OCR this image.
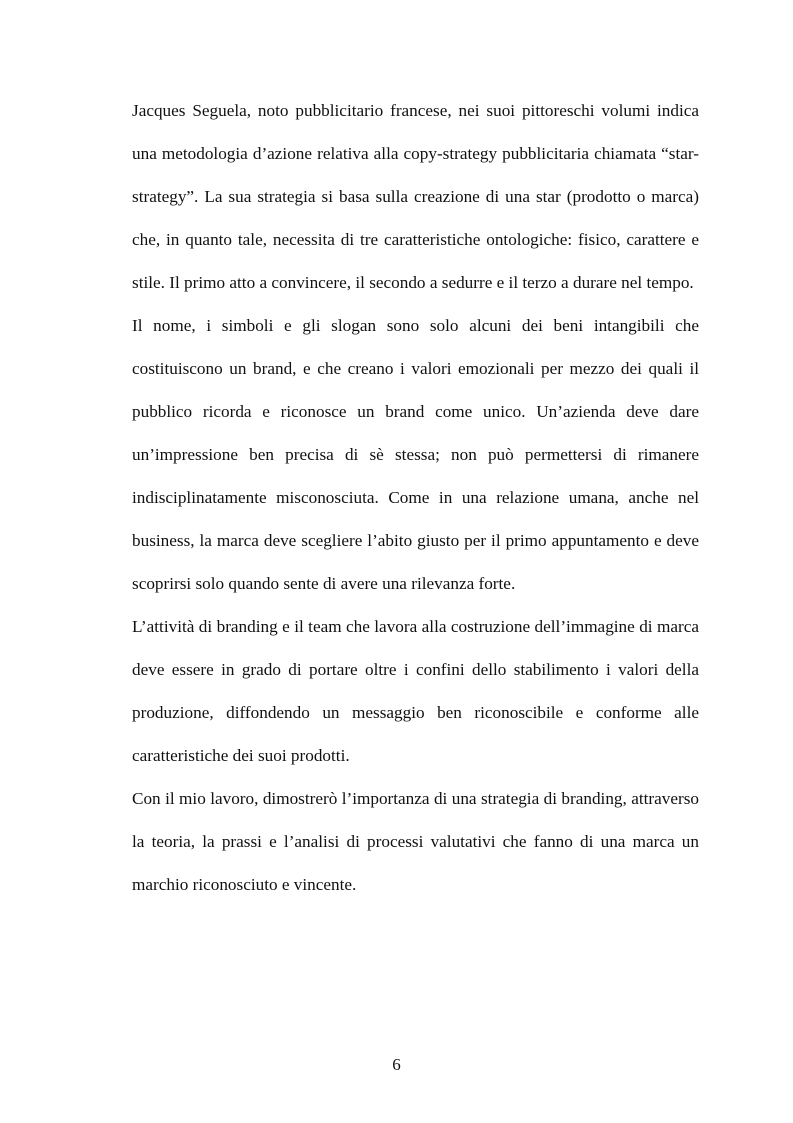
Jacques Seguela, noto pubblicitario francese, nei suoi pittoreschi volumi indica una metodologia d’azione relativa alla copy-strategy pubblicitaria chiamata “star-strategy”. La sua strategia si basa sulla creazione di una star (prodotto o marca) che, in quanto tale, necessita di tre caratteristiche ontologiche: fisico, carattere e stile. Il primo atto a convincere, il secondo a sedurre e il terzo a durare nel tempo.

Il nome, i simboli e gli slogan sono solo alcuni dei beni intangibili che costituiscono un brand, e che creano i valori emozionali per mezzo dei quali il pubblico ricorda e riconosce un brand come unico. Un’azienda deve dare un’impressione ben precisa di sè stessa; non può permettersi di rimanere indisciplinatamente misconosciuta. Come in una relazione umana, anche nel business, la marca deve scegliere l’abito giusto per il primo appuntamento e deve scoprirsi solo quando sente di avere una rilevanza forte.

L’attività di branding e il team che lavora alla costruzione dell’immagine di marca deve essere in grado di portare oltre i confini dello stabilimento i valori della produzione, diffondendo un messaggio ben riconoscibile e conforme alle caratteristiche dei suoi prodotti.

Con il mio lavoro, dimostrerò l’importanza di una strategia di branding, attraverso la teoria, la prassi e l’analisi di processi valutativi che fanno di una marca un marchio riconosciuto e vincente.

6
